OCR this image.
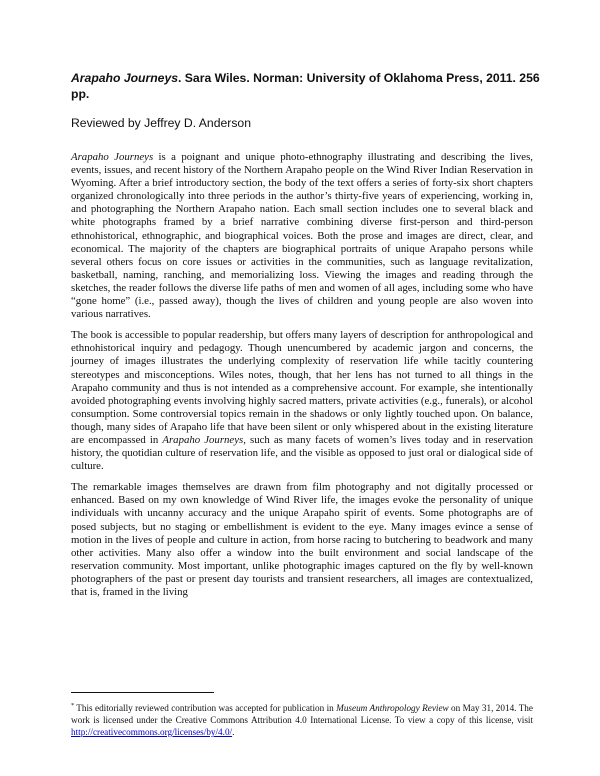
Arapaho Journeys. Sara Wiles. Norman: University of Oklahoma Press, 2011. 256 pp.

Reviewed by Jeffrey D. Anderson

Arapaho Journeys is a poignant and unique photo-ethnography illustrating and describing the lives, events, issues, and recent history of the Northern Arapaho people on the Wind River Indian Reservation in Wyoming. After a brief introductory section, the body of the text offers a series of forty-six short chapters organized chronologically into three periods in the author’s thirty-five years of experiencing, working in, and photographing the Northern Arapaho nation. Each small section includes one to several black and white photographs framed by a brief narrative combining diverse first-person and third-person ethnohistorical, ethnographic, and biographical voices. Both the prose and images are direct, clear, and economical. The majority of the chapters are biographical portraits of unique Arapaho persons while several others focus on core issues or activities in the communities, such as language revitalization, basketball, naming, ranching, and memorializing loss. Viewing the images and reading through the sketches, the reader follows the diverse life paths of men and women of all ages, including some who have “gone home” (i.e., passed away), though the lives of children and young people are also woven into various narratives.

The book is accessible to popular readership, but offers many layers of description for anthropological and ethnohistorical inquiry and pedagogy. Though unencumbered by academic jargon and concerns, the journey of images illustrates the underlying complexity of reservation life while tacitly countering stereotypes and misconceptions. Wiles notes, though, that her lens has not turned to all things in the Arapaho community and thus is not intended as a comprehensive account. For example, she intentionally avoided photographing events involving highly sacred matters, private activities (e.g., funerals), or alcohol consumption. Some controversial topics remain in the shadows or only lightly touched upon. On balance, though, many sides of Arapaho life that have been silent or only whispered about in the existing literature are encompassed in Arapaho Journeys, such as many facets of women’s lives today and in reservation history, the quotidian culture of reservation life, and the visible as opposed to just oral or dialogical side of culture.

The remarkable images themselves are drawn from film photography and not digitally processed or enhanced. Based on my own knowledge of Wind River life, the images evoke the personality of unique individuals with uncanny accuracy and the unique Arapaho spirit of events. Some photographs are of posed subjects, but no staging or embellishment is evident to the eye. Many images evince a sense of motion in the lives of people and culture in action, from horse racing to butchering to beadwork and many other activities. Many also offer a window into the built environment and social landscape of the reservation community. Most important, unlike photographic images captured on the fly by well-known photographers of the past or present day tourists and transient researchers, all images are contextualized, that is, framed in the living

* This editorially reviewed contribution was accepted for publication in Museum Anthropology Review on May 31, 2014. The work is licensed under the Creative Commons Attribution 4.0 International License. To view a copy of this license, visit http://creativecommons.org/licenses/by/4.0/.
